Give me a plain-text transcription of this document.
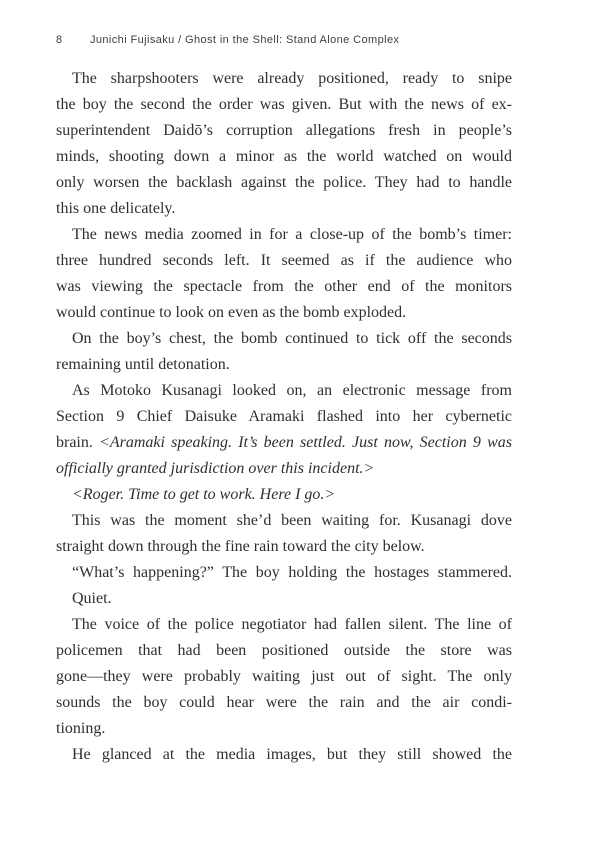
8 Junichi Fujisaku / Ghost in the Shell: Stand Alone Complex
The sharpshooters were already positioned, ready to snipe
the boy the second the order was given. But with the news of ex-
superintendent Daidō’s corruption allegations fresh in people’s
minds, shooting down a minor as the world watched on would
only worsen the backlash against the police. They had to handle
this one delicately.
The news media zoomed in for a close-up of the bomb’s timer:
three hundred seconds left. It seemed as if the audience who
was viewing the spectacle from the other end of the monitors
would continue to look on even as the bomb exploded.
On the boy’s chest, the bomb continued to tick off the seconds
remaining until detonation.
As Motoko Kusanagi looked on, an electronic message from
Section 9 Chief Daisuke Aramaki flashed into her cybernetic
brain. <Aramaki speaking. It’s been settled. Just now, Section 9 was
officially granted jurisdiction over this incident.>
<Roger. Time to get to work. Here I go.>
This was the moment she’d been waiting for. Kusanagi dove
straight down through the fine rain toward the city below.
“What’s happening?” The boy holding the hostages stammered.
Quiet.
The voice of the police negotiator had fallen silent. The line of
policemen that had been positioned outside the store was
gone—they were probably waiting just out of sight. The only
sounds the boy could hear were the rain and the air condi-
tioning.
He glanced at the media images, but they still showed the
